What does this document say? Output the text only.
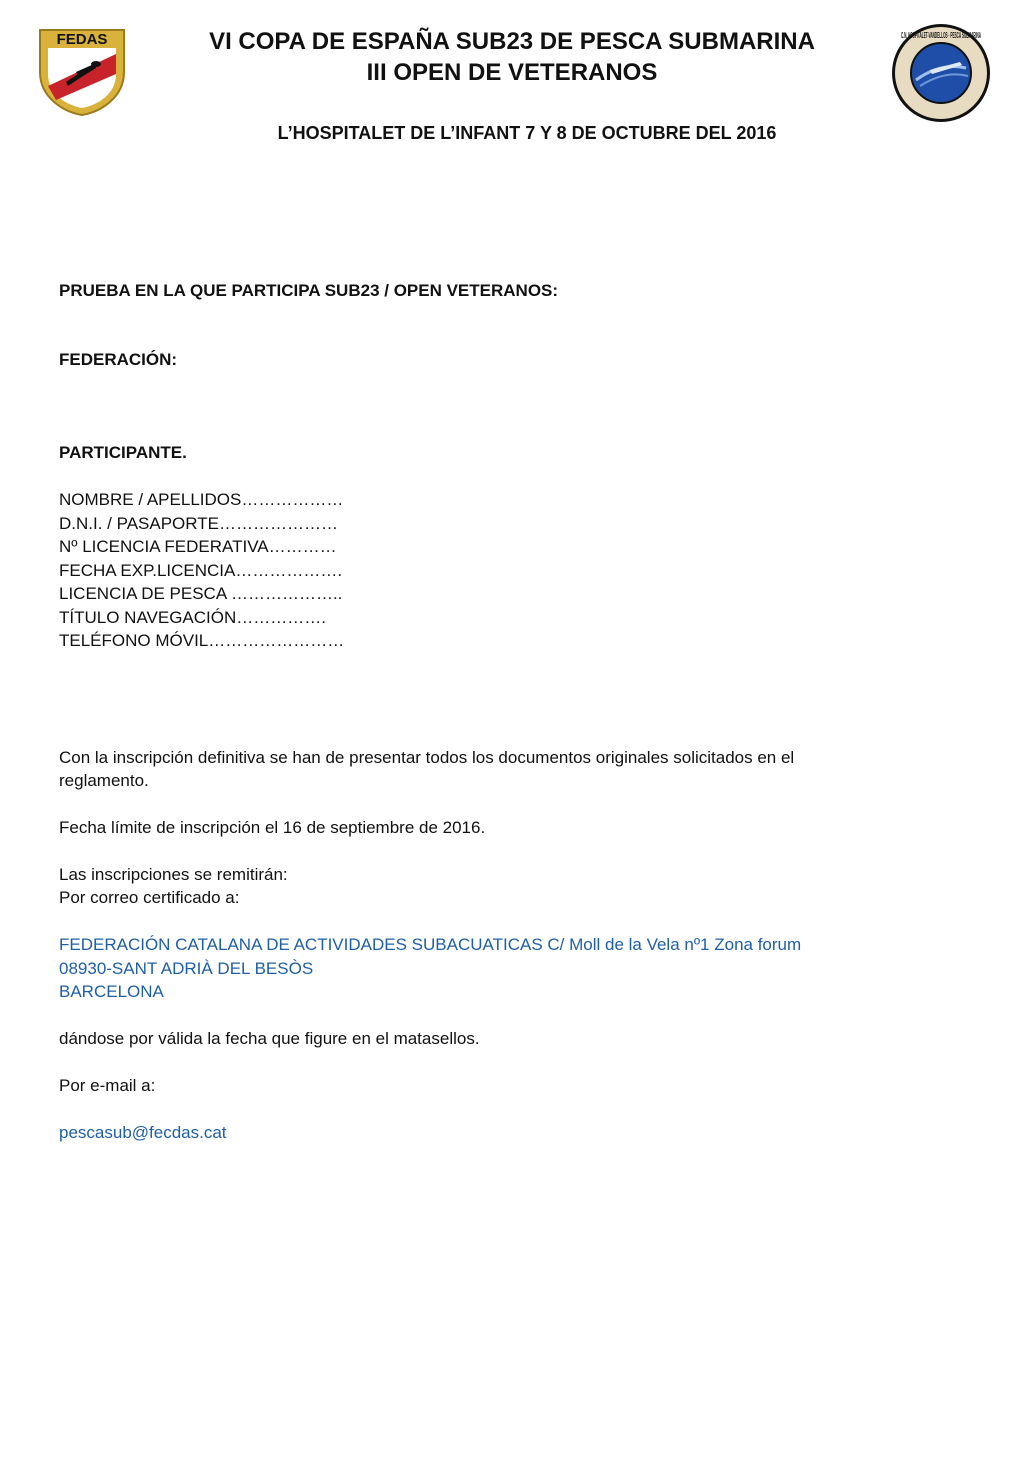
FEDAS	C.N. HOSPITALET-VANDELLOS · PESCA SUBMARINA
VI COPA DE ESPAÑA SUB23 DE PESCA SUBMARINA
III OPEN DE VETERANOS
L’HOSPITALET DE L’INFANT 7 Y 8 DE OCTUBRE DEL 2016
PRUEBA EN LA QUE PARTICIPA SUB23 / OPEN VETERANOS:
FEDERACIÓN:
PARTICIPANTE.
NOMBRE / APELLIDOS………………
D.N.I. / PASAPORTE…………………
Nº LICENCIA FEDERATIVA…………
FECHA EXP.LICENCIA……………….
LICENCIA DE PESCA ………………..
TÍTULO NAVEGACIÓN…………….
TELÉFONO MÓVIL……………………
Con la inscripción definitiva se han de presentar todos los documentos originales solicitados en el
reglamento.
Fecha límite de inscripción el 16 de septiembre de 2016.
Las inscripciones se remitirán:
Por correo certificado a:
FEDERACIÓN CATALANA DE ACTIVIDADES SUBACUATICAS C/ Moll de la Vela nº1 Zona forum
08930-SANT ADRIÀ DEL BESÒS
BARCELONA
dándose por válida la fecha que figure en el matasellos.
Por e-mail a:
pescasub@fecdas.cat
